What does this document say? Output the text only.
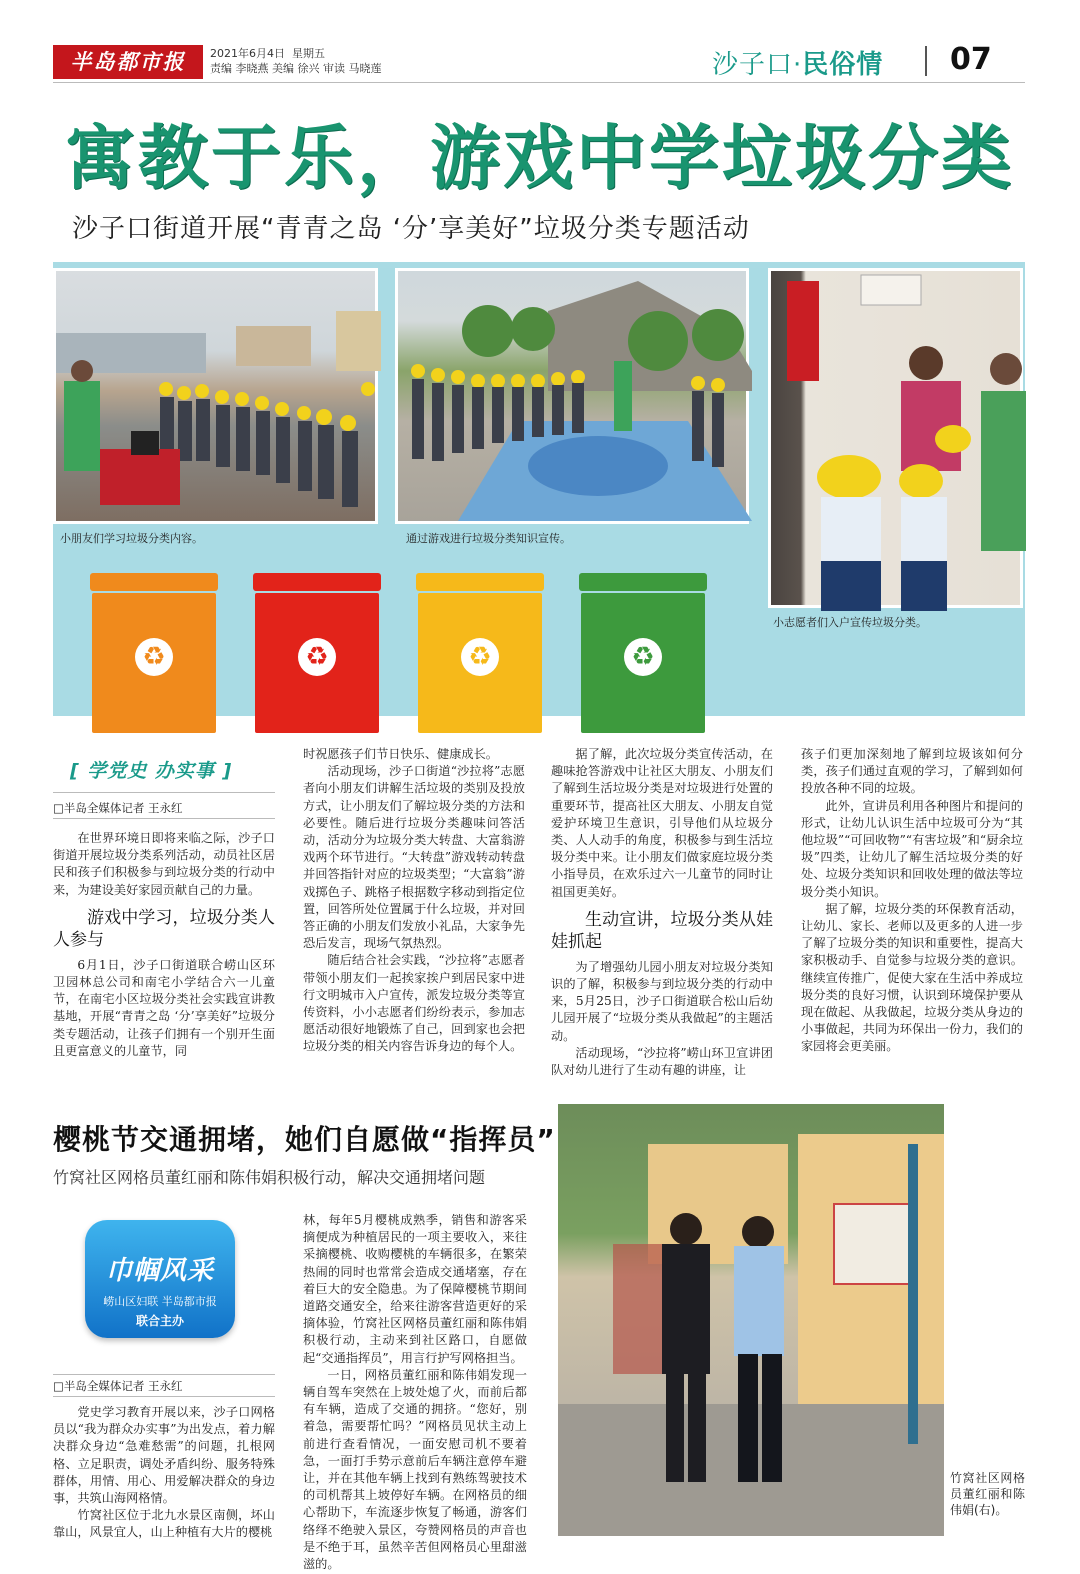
半岛都市报	2021年6月4日 星期五
责编 李晓燕 美编 徐兴 审读 马晓莲	沙子口·民俗情 07
寓教于乐，游戏中学垃圾分类
沙子口街道开展“青青之岛 ‘分’享美好”垃圾分类专题活动
小朋友们学习垃圾分类内容。	通过游戏进行垃圾分类知识宣传。
小志愿者们入户宣传垃圾分类。
♻	♻	♻	♻
[ 学党史 办实事 ]
□半岛全媒体记者 王永红

在世界环境日即将来临之际，沙子口街道开展垃圾分类系列活动，动员社区居民和孩子们积极参与到垃圾分类的行动中来，为建设美好家园贡献自己的力量。

游戏中学习，垃圾分类人人参与

6月1日，沙子口街道联合崂山区环卫园林总公司和南宅小学结合六一儿童节，在南宅小区垃圾分类社会实践宣讲教基地，开展“青青之岛 ‘分’享美好”垃圾分类专题活动，让孩子们拥有一个别开生面且更富意义的儿童节，同

时祝愿孩子们节日快乐、健康成长。

活动现场，沙子口街道“沙拉将”志愿者向小朋友们讲解生活垃圾的类别及投放方式，让小朋友们了解垃圾分类的方法和必要性。随后进行垃圾分类趣味问答活动，活动分为垃圾分类大转盘、大富翁游戏两个环节进行。“大转盘”游戏转动转盘并回答指针对应的垃圾类型；“大富翁”游戏掷色子、跳格子根据数字移动到指定位置，回答所处位置属于什么垃圾，并对回答正确的小朋友们发放小礼品，大家争先恐后发言，现场气氛热烈。

随后结合社会实践，“沙拉将”志愿者带领小朋友们一起挨家挨户到居民家中进行文明城市入户宣传，派发垃圾分类等宣传资料，小小志愿者们纷纷表示，参加志愿活动很好地锻炼了自己，回到家也会把垃圾分类的相关内容告诉身边的每个人。

据了解，此次垃圾分类宣传活动，在趣味抢答游戏中让社区大朋友、小朋友们了解到生活垃圾分类是对垃圾进行处置的重要环节，提高社区大朋友、小朋友自觉爱护环境卫生意识，引导他们从垃圾分类、人人动手的角度，积极参与到生活垃圾分类中来。让小朋友们做家庭垃圾分类小指导员，在欢乐过六一儿童节的同时让祖国更美好。

生动宣讲，垃圾分类从娃娃抓起

为了增强幼儿园小朋友对垃圾分类知识的了解，积极参与到垃圾分类的行动中来，5月25日，沙子口街道联合松山后幼儿园开展了“垃圾分类从我做起”的主题活动。

活动现场，“沙拉将”崂山环卫宣讲团队对幼儿进行了生动有趣的讲座，让

孩子们更加深刻地了解到垃圾该如何分类，孩子们通过直观的学习，了解到如何投放各种不同的垃圾。

此外，宣讲员利用各种图片和提问的形式，让幼儿认识生活中垃圾可分为“其他垃圾”“可回收物”“有害垃圾”和“厨余垃圾”四类，让幼儿了解生活垃圾分类的好处、垃圾分类知识和回收处理的做法等垃圾分类小知识。

据了解，垃圾分类的环保教育活动，让幼儿、家长、老师以及更多的人进一步了解了垃圾分类的知识和重要性，提高大家积极动手、自觉参与垃圾分类的意识。继续宣传推广，促使大家在生活中养成垃圾分类的良好习惯，认识到环境保护要从现在做起、从我做起，垃圾分类从身边的小事做起，共同为环保出一份力，我们的家园将会更美丽。

樱桃节交通拥堵，她们自愿做“指挥员”
竹窝社区网格员董红丽和陈伟娟积极行动，解决交通拥堵问题
巾帼风采
崂山区妇联 半岛都市报
联合主办
□半岛全媒体记者 王永红

党史学习教育开展以来，沙子口网格员以“我为群众办实事”为出发点，着力解决群众身边“急难愁需”的问题，扎根网格、立足职责，调处矛盾纠纷、服务特殊群体，用情、用心、用爱解决群众的身边事，共筑山海网格情。

竹窝社区位于北九水景区南侧，坏山靠山，风景宜人，山上种植有大片的樱桃

林，每年5月樱桃成熟季，销售和游客采摘便成为种植居民的一项主要收入，来往采摘樱桃、收购樱桃的车辆很多，在繁荣热闹的同时也常常会造成交通堵塞，存在着巨大的安全隐患。为了保障樱桃节期间道路交通安全，给来往游客营造更好的采摘体验，竹窝社区网格员董红丽和陈伟娟积极行动，主动来到社区路口，自愿做起“交通指挥员”，用言行护写网格担当。

一日，网格员董红丽和陈伟娟发现一辆自驾车突然在上坡处熄了火，而前后都有车辆，造成了交通的拥挤。“您好，别着急，需要帮忙吗？”网格员见状主动上前进行查看情况，一面安慰司机不要着急，一面打手势示意前后车辆注意停车避让，并在其他车辆上找到有熟练驾驶技术的司机帮其上坡停好车辆。在网格员的细心帮助下，车流逐步恢复了畅通，游客们络绎不绝驶入景区，夸赞网格员的声音也是不绝于耳，虽然辛苦但网格员心里甜滋滋的。

竹窝社区网格员董红丽和陈伟娟(右)。
